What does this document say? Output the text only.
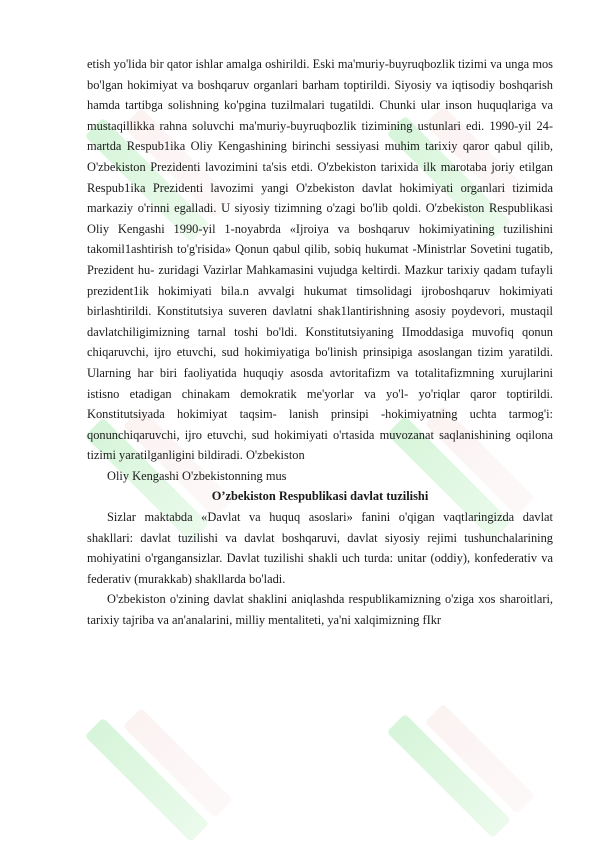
etish yo'lida bir qator ishlar amalga oshirildi. Eski ma'muriy-buyruqbozlik tizimi va unga mos bo'lgan hokimiyat va boshqaruv organlari barham toptirildi. Siyosiy va iqtisodiy boshqarish hamda tartibga solishning ko'pgina tuzilmalari tugatildi. Chunki ular inson huquqlariga va mustaqillikka rahna soluvchi ma'muriy-buyruqbozlik tizimining ustunlari edi. 1990-yil 24-martda Respub1ika Oliy Kengashining birinchi sessiyasi muhim tarixiy qaror qabul qilib, O'zbekiston Prezidenti lavozimini ta'sis etdi. O'zbekiston tarixida ilk marotaba joriy etilgan Respub1ika Prezidenti lavozimi yangi O'zbekiston davlat hokimiyati organlari tizimida markaziy o'rinni egalladi. U siyosiy tizimning o'zagi bo'lib qoldi. O'zbekiston Respublikasi Oliy Kengashi 1990-yil 1-noyabrda «Ijroiya va boshqaruv hokimiyatining tuzilishini takomil1ashtirish to'g'risida» Qonun qabul qilib, sobiq hukumat -Ministrlar Sovetini tugatib, Prezident hu- zuridagi Vazirlar Mahkamasini vujudga keltirdi. Mazkur tarixiy qadam tufayli prezident1ik hokimiyati bila.n avvalgi hukumat timsolidagi ijroboshqaruv hokimiyati birlashtirildi. Konstitutsiya suveren davlatni shak1lantirishning asosiy poydevori, mustaqil davlatchiligimizning tarnal toshi bo'ldi. Konstitutsiyaning IImoddasiga muvofiq qonun chiqaruvchi, ijro etuvchi, sud hokimiyatiga bo'linish prinsipiga asoslangan tizim yaratildi. Ularning har biri faoliyatida huquqiy asosda avtoritafizm va totalitafizmning xurujlarini istisno etadigan chinakam demokratik me'yorlar va yo'l- yo'riqlar qaror toptirildi. Konstitutsiyada hokimiyat taqsim- lanish prinsipi -hokimiyatning uchta tarmog'i: qonunchiqaruvchi, ijro etuvchi, sud hokimiyati o'rtasida muvozanat saqlanishining oqilona tizimi yaratilganligini bildiradi. O'zbekiston

Oliy Kengashi O'zbekistonning mus

O’zbekiston Respublikasi davlat tuzilishi

Sizlar maktabda «Davlat va huquq asoslari» fanini o'qigan vaqtlaringizda davlat shakllari: davlat tuzilishi va davlat boshqaruvi, davlat siyosiy rejimi tushunchalarining mohiyatini o'rgangansizlar. Davlat tuzilishi shakli uch turda: unitar (oddiy), konfederativ va federativ (murakkab) shakllarda bo'ladi.

O'zbekiston o'zining davlat shaklini aniqlashda respublikamizning o'ziga xos sharoitlari, tarixiy tajriba va an'analarini, milliy mentaliteti, ya'ni xalqimizning fIkr
